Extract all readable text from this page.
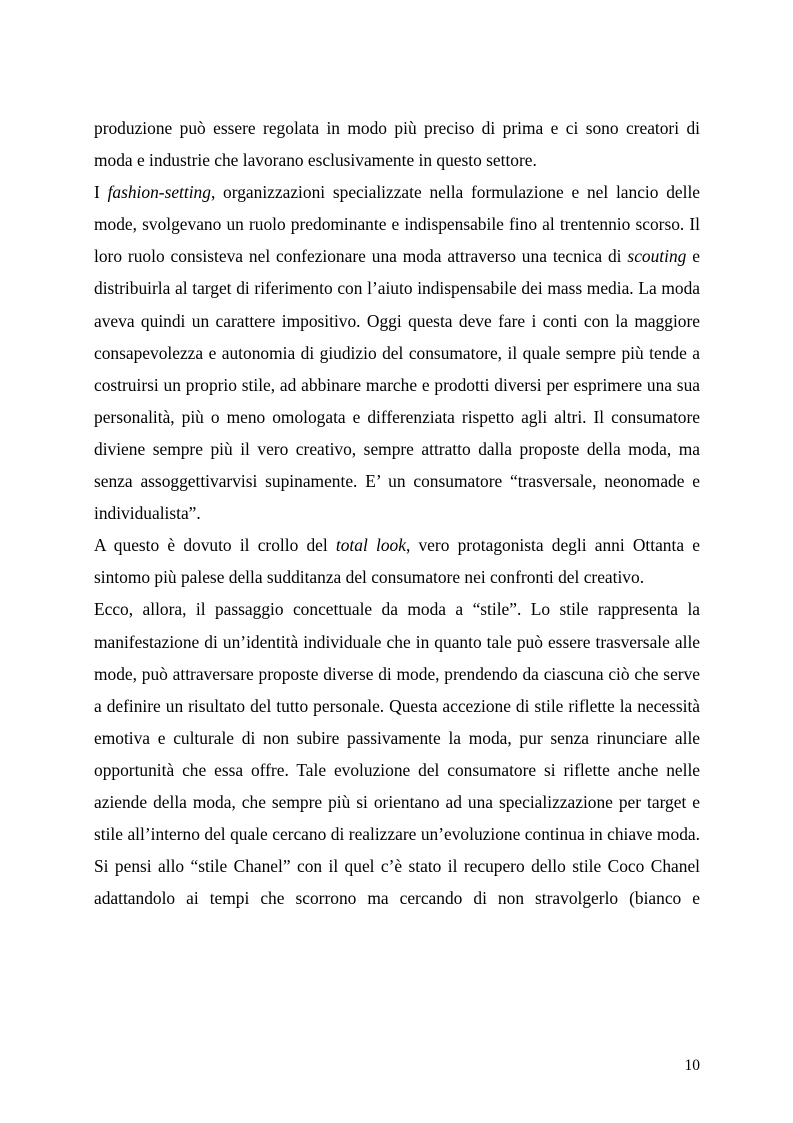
produzione può essere regolata in modo più preciso di prima e ci sono creatori di moda e industrie che lavorano esclusivamente in questo settore.

I fashion-setting, organizzazioni specializzate nella formulazione e nel lancio delle mode, svolgevano un ruolo predominante e indispensabile fino al trentennio scorso. Il loro ruolo consisteva nel confezionare una moda attraverso una tecnica di scouting e distribuirla al target di riferimento con l’aiuto indispensabile dei mass media. La moda aveva quindi un carattere impositivo. Oggi questa deve fare i conti con la maggiore consapevolezza e autonomia di giudizio del consumatore, il quale sempre più tende a costruirsi un proprio stile, ad abbinare marche e prodotti diversi per esprimere una sua personalità, più o meno omologata e differenziata rispetto agli altri. Il consumatore diviene sempre più il vero creativo, sempre attratto dalla proposte della moda, ma senza assoggettivarvisi supinamente. E’ un consumatore “trasversale, neonomade e individualista”.

A questo è dovuto il crollo del total look, vero protagonista degli anni Ottanta e sintomo più palese della sudditanza del consumatore nei confronti del creativo.

Ecco, allora, il passaggio concettuale da moda a “stile”. Lo stile rappresenta la manifestazione di un’identità individuale che in quanto tale può essere trasversale alle mode, può attraversare proposte diverse di mode, prendendo da ciascuna ciò che serve a definire un risultato del tutto personale. Questa accezione di stile riflette la necessità emotiva e culturale di non subire passivamente la moda, pur senza rinunciare alle opportunità che essa offre. Tale evoluzione del consumatore si riflette anche nelle aziende della moda, che sempre più si orientano ad una specializzazione per target e stile all’interno del quale cercano di realizzare un’evoluzione continua in chiave moda. Si pensi allo “stile Chanel” con il quel c’è stato il recupero dello stile Coco Chanel adattandolo ai tempi che scorrono ma cercando di non stravolgerlo (bianco e

10
